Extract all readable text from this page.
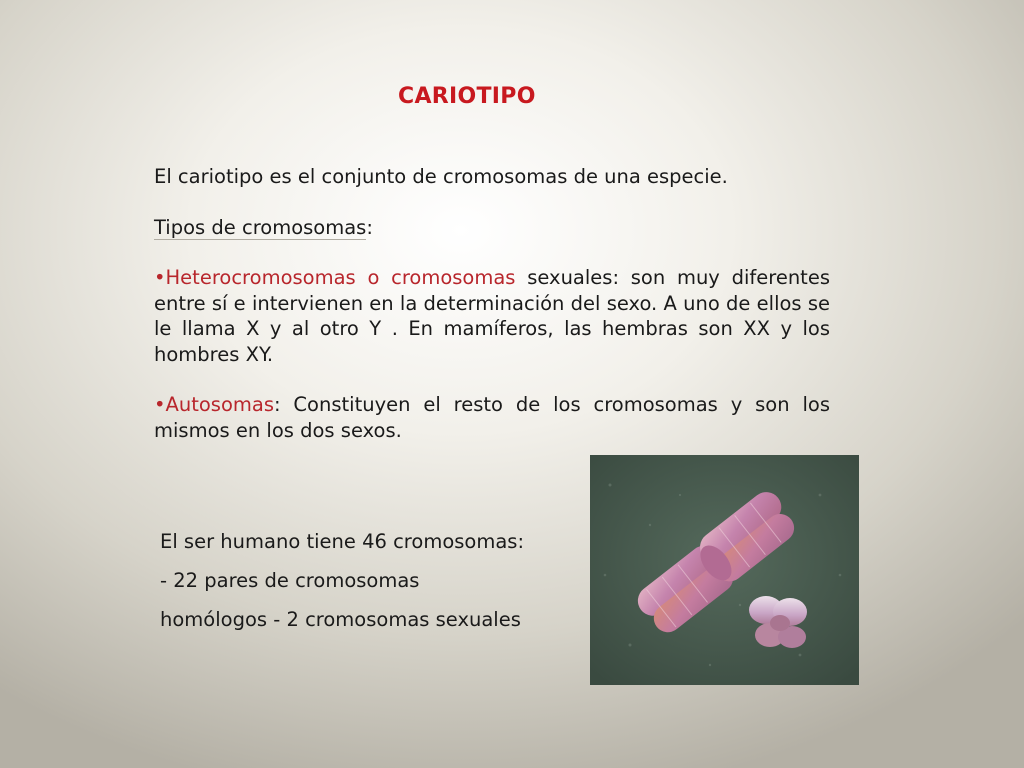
CARIOTIPO

El cariotipo es el conjunto de cromosomas de una especie.

Tipos de cromosomas:

•Heterocromosomas o cromosomas sexuales: son muy diferentes entre sí e intervienen en la determinación del sexo. A uno de ellos se le llama X y al otro Y . En mamíferos, las hembras son XX y los hombres XY.

•Autosomas: Constituyen el resto de los cromosomas y son los mismos en los dos sexos.

El ser humano tiene 46 cromosomas:

- 22 pares de cromosomas

homólogos - 2 cromosomas sexuales
